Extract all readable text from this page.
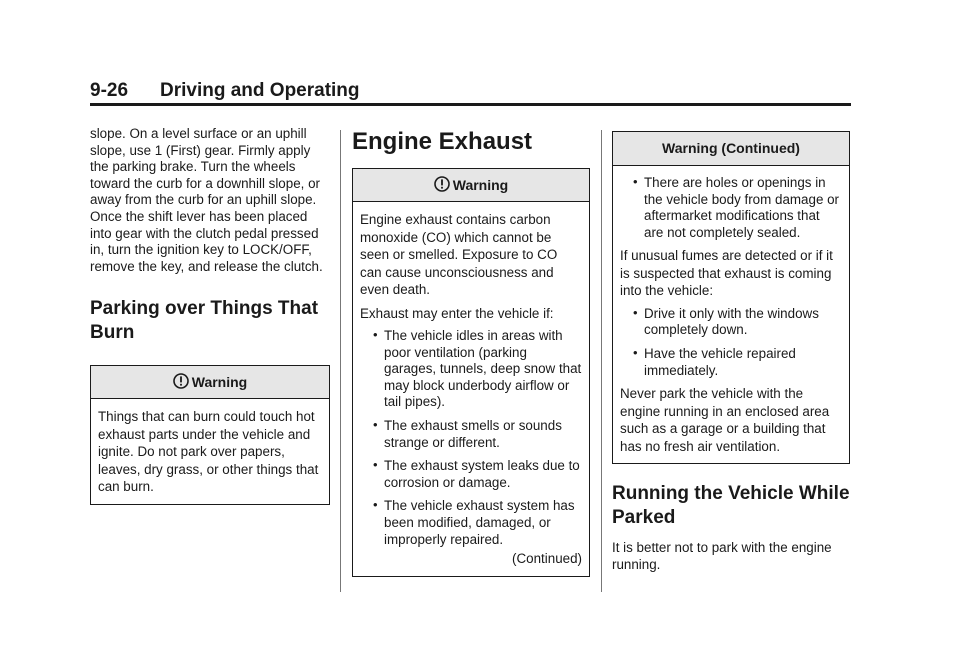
9-26 Driving and Operating

slope. On a level surface or an uphill slope, use 1 (First) gear. Firmly apply the parking brake. Turn the wheels toward the curb for a downhill slope, or away from the curb for an uphill slope. Once the shift lever has been placed into gear with the clutch pedal pressed in, turn the ignition key to LOCK/OFF, remove the key, and release the clutch.

Parking over Things That Burn
Warning

Things that can burn could touch hot exhaust parts under the vehicle and ignite. Do not park over papers, leaves, dry grass, or other things that can burn.

Engine Exhaust
Warning

Engine exhaust contains carbon monoxide (CO) which cannot be seen or smelled. Exposure to CO can cause unconsciousness and even death.

Exhaust may enter the vehicle if:

• The vehicle idles in areas with poor ventilation (parking garages, tunnels, deep snow that may block underbody airflow or tail pipes).
• The exhaust smells or sounds strange or different.
• The exhaust system leaks due to corrosion or damage.
• The vehicle exhaust system has been modified, damaged, or improperly repaired.

(Continued)

Warning (Continued)
• There are holes or openings in the vehicle body from damage or aftermarket modifications that are not completely sealed.

If unusual fumes are detected or if it is suspected that exhaust is coming into the vehicle:

• Drive it only with the windows completely down.
• Have the vehicle repaired immediately.

Never park the vehicle with the engine running in an enclosed area such as a garage or a building that has no fresh air ventilation.

Running the Vehicle While Parked

It is better not to park with the engine running.
